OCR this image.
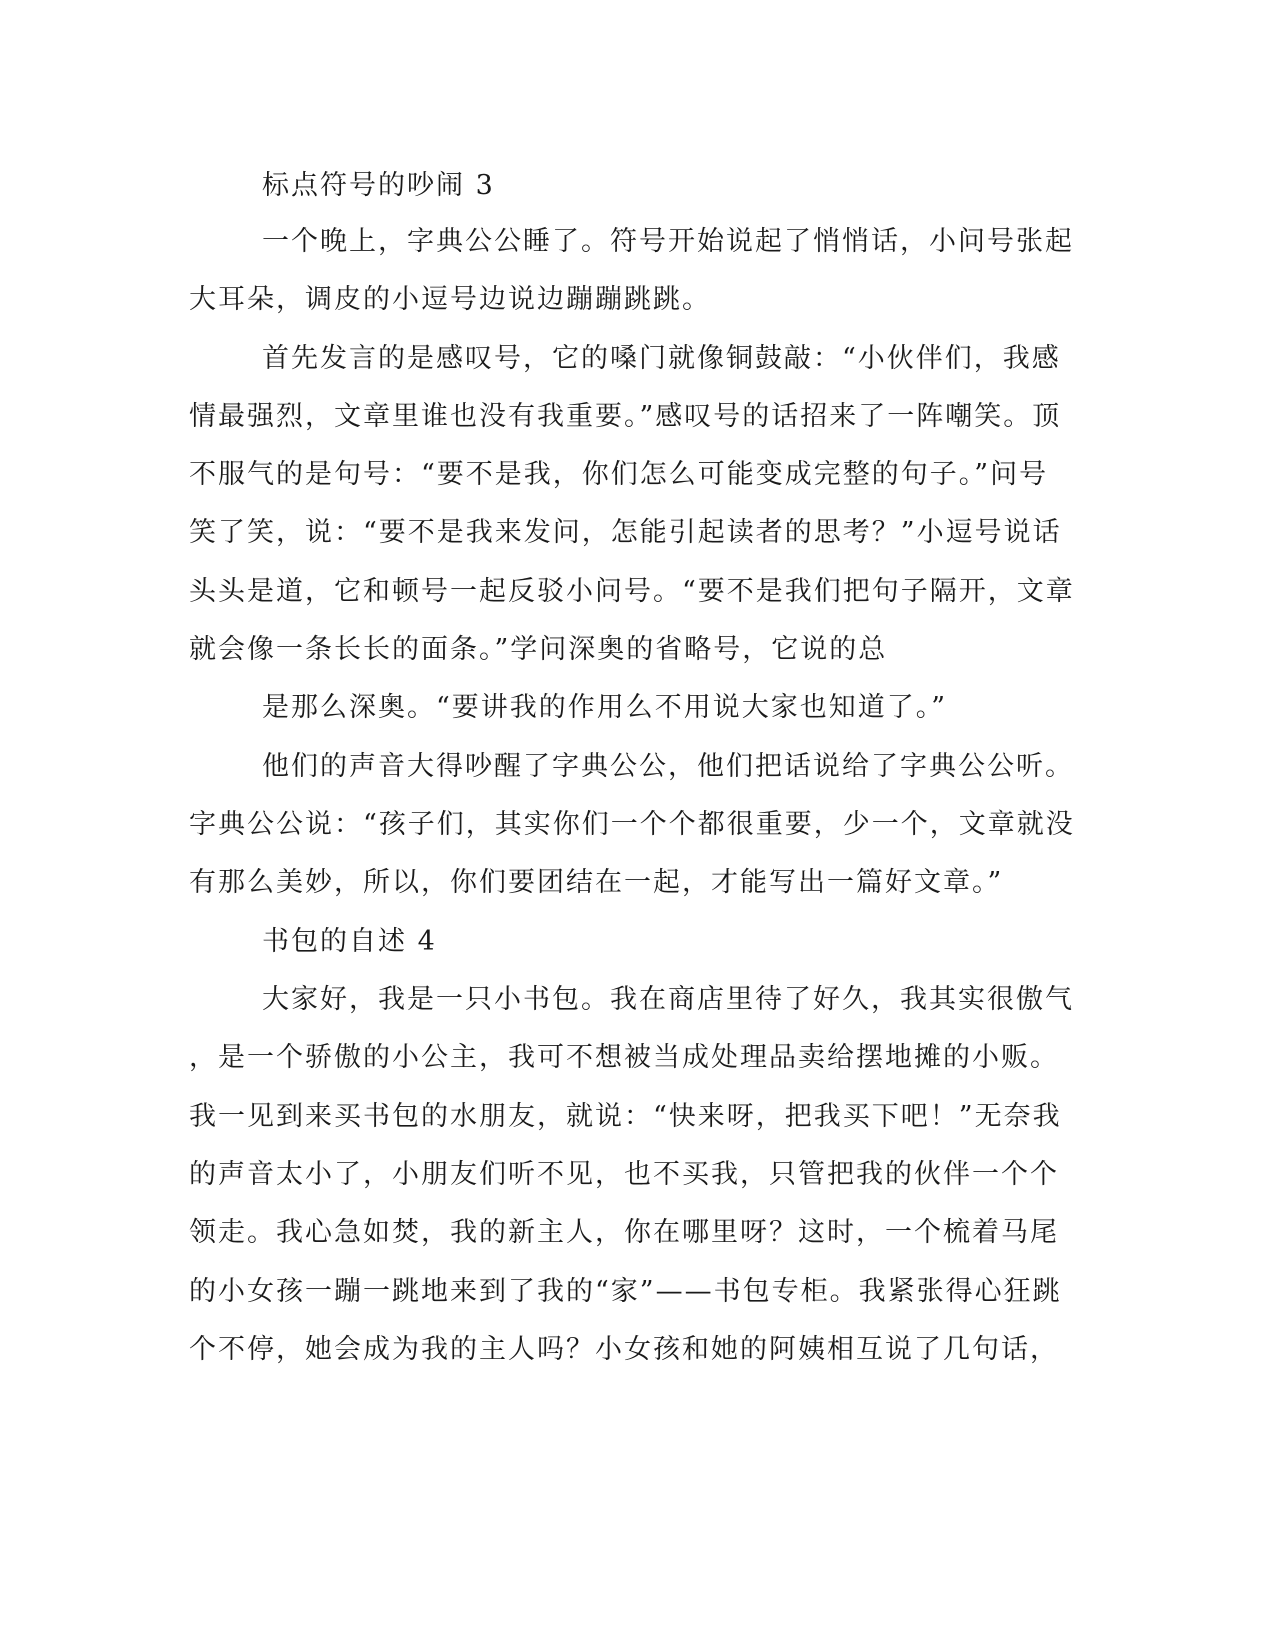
标点符号的吵闹 3
一个晚上，字典公公睡了。符号开始说起了悄悄话，小问号张起
大耳朵，调皮的小逗号边说边蹦蹦跳跳。
首先发言的是感叹号，它的嗓门就像铜鼓敲：“小伙伴们，我感
情最强烈，文章里谁也没有我重要。”感叹号的话招来了一阵嘲笑。顶
不服气的是句号：“要不是我，你们怎么可能变成完整的句子。”问号
笑了笑，说：“要不是我来发问，怎能引起读者的思考？”小逗号说话
头头是道，它和顿号一起反驳小问号。“要不是我们把句子隔开，文章
就会像一条长长的面条。”学问深奥的省略号，它说的总
是那么深奥。“要讲我的作用么不用说大家也知道了。”
他们的声音大得吵醒了字典公公，他们把话说给了字典公公听。
字典公公说：“孩子们，其实你们一个个都很重要，少一个，文章就没
有那么美妙，所以，你们要团结在一起，才能写出一篇好文章。”
书包的自述 4
大家好，我是一只小书包。我在商店里待了好久，我其实很傲气
，是一个骄傲的小公主，我可不想被当成处理品卖给摆地摊的小贩。
我一见到来买书包的水朋友，就说：“快来呀，把我买下吧！”无奈我
的声音太小了，小朋友们听不见，也不买我，只管把我的伙伴一个个
领走。我心急如焚，我的新主人，你在哪里呀？这时，一个梳着马尾
的小女孩一蹦一跳地来到了我的“家”——书包专柜。我紧张得心狂跳
个不停，她会成为我的主人吗？小女孩和她的阿姨相互说了几句话，
